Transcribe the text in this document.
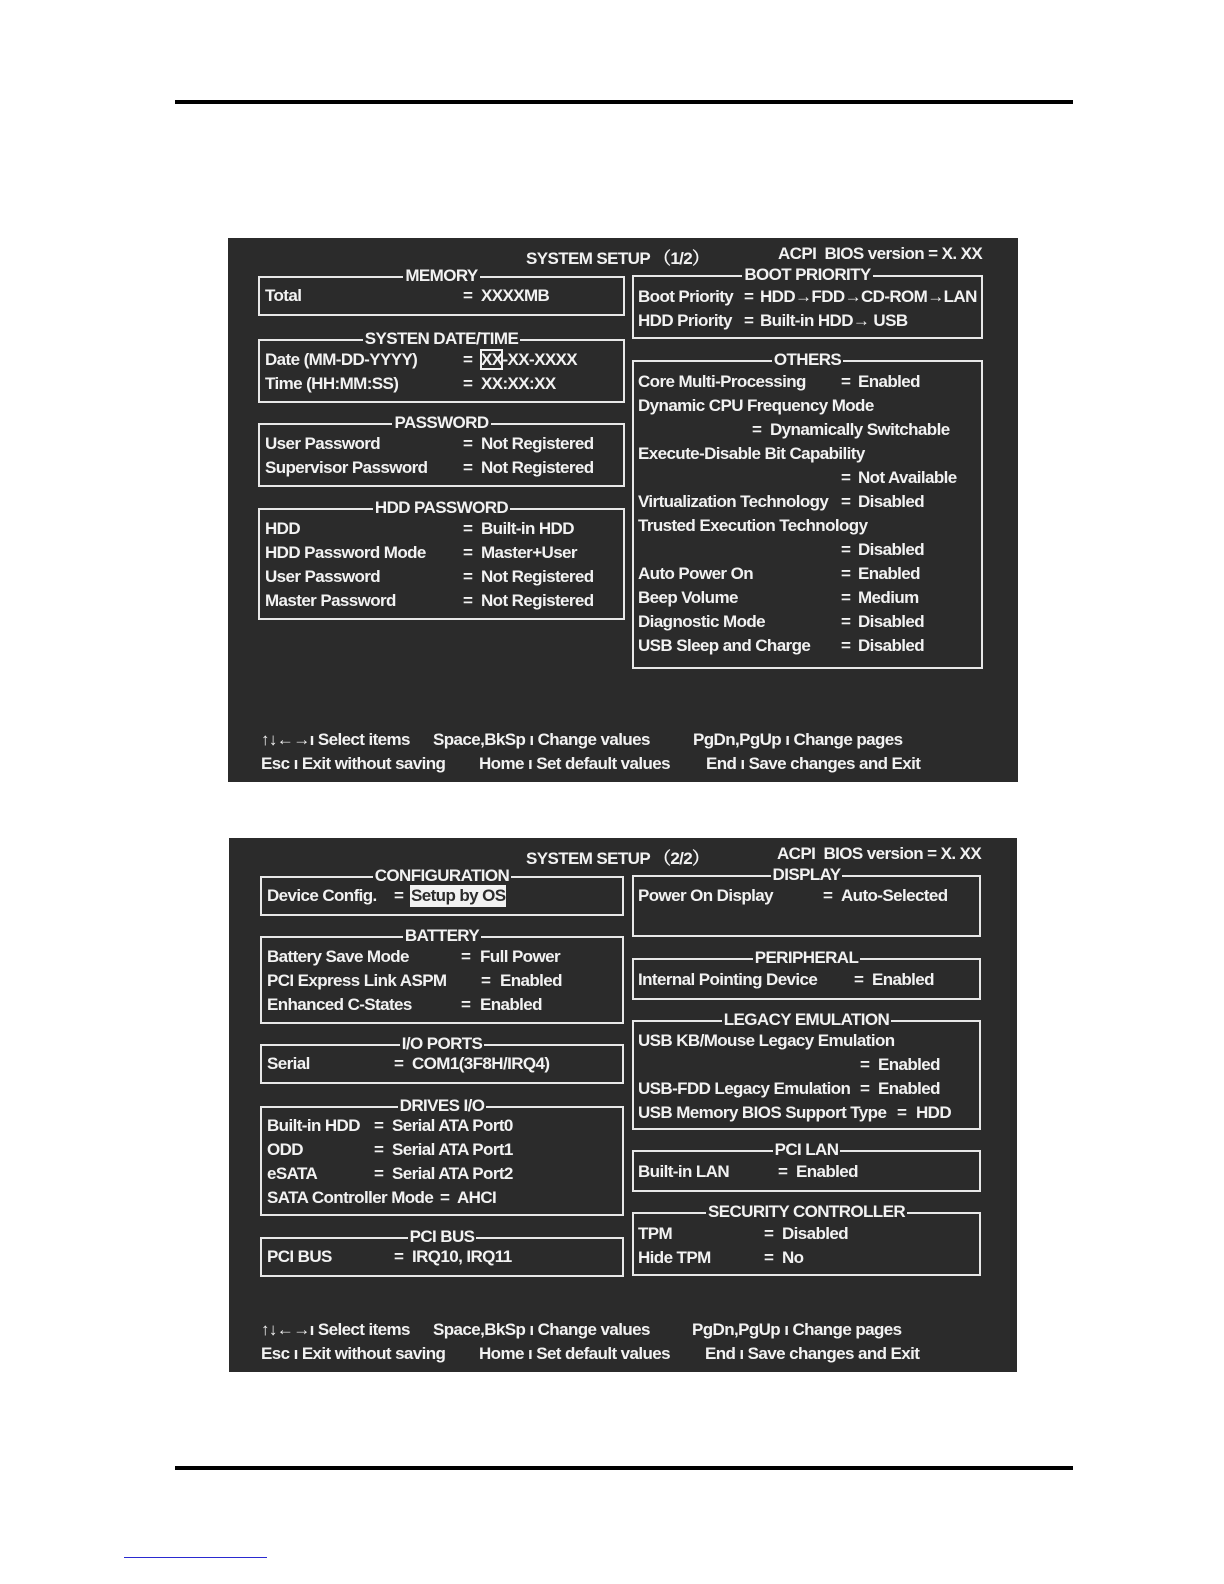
SYSTEM SETUP （1/2）	ACPI  BIOS version = X. XX
MEMORY
Total	= XXXXMB
SYSTEN DATE/TIME
Date (MM-DD-YYYY)	= XX-XX-XXXX
Time (HH:MM:SS)	= XX:XX:XX
PASSWORD
User Password	= Not Registered
Supervisor Password = Not Registered
HDD PASSWORD
HDD	= Built-in HDD
HDD Password Mode = Master+User
User Password	= Not Registered
Master Password	= Not Registered
BOOT PRIORITY
Boot Priority = HDD→FDD→CD-ROM→LAN
HDD Priority = Built-in HDD→ USB
OTHERS
Core Multi-Processing = Enabled
Dynamic CPU Frequency Mode
= Dynamically Switchable
Execute-Disable Bit Capability
= Not Available
Virtualization Technology = Disabled
Trusted Execution Technology
= Disabled
Auto Power On	= Enabled
Beep Volume	= Medium
Diagnostic Mode	= Disabled
USB Sleep and Charge = Disabled
↑↓←→ı Select items Space,BkSp ı Change values	PgDn,PgUp ı Change pages
Esc ı Exit without saving Home ı Set default values End ı Save changes and Exit
SYSTEM SETUP （2/2）	ACPI  BIOS version = X. XX
CONFIGURATION
Device Config. = Setup by OS
BATTERY
Battery Save Mode	= Full Power
PCI Express Link ASPM = Enabled
Enhanced C-States	= Enabled
I/O PORTS
Serial	= COM1(3F8H/IRQ4)
DRIVES I/O
Built-in HDD = Serial ATA Port0
ODD	= Serial ATA Port1
eSATA	= Serial ATA Port2
SATA Controller Mode = AHCI
PCI BUS
PCI BUS	= IRQ10, IRQ11
DISPLAY
Power On Display	= Auto-Selected
PERIPHERAL
Internal Pointing Device = Enabled
LEGACY EMULATION
USB KB/Mouse Legacy Emulation
= Enabled
USB-FDD Legacy Emulation = Enabled
USB Memory BIOS Support Type = HDD
PCI LAN
Built-in LAN	= Enabled
SECURITY CONTROLLER
TPM	= Disabled
Hide TPM	= No
↑↓←→ı Select items Space,BkSp ı Change values PgDn,PgUp ı Change pages
Esc ı Exit without saving Home ı Set default values End ı Save changes and Exit
